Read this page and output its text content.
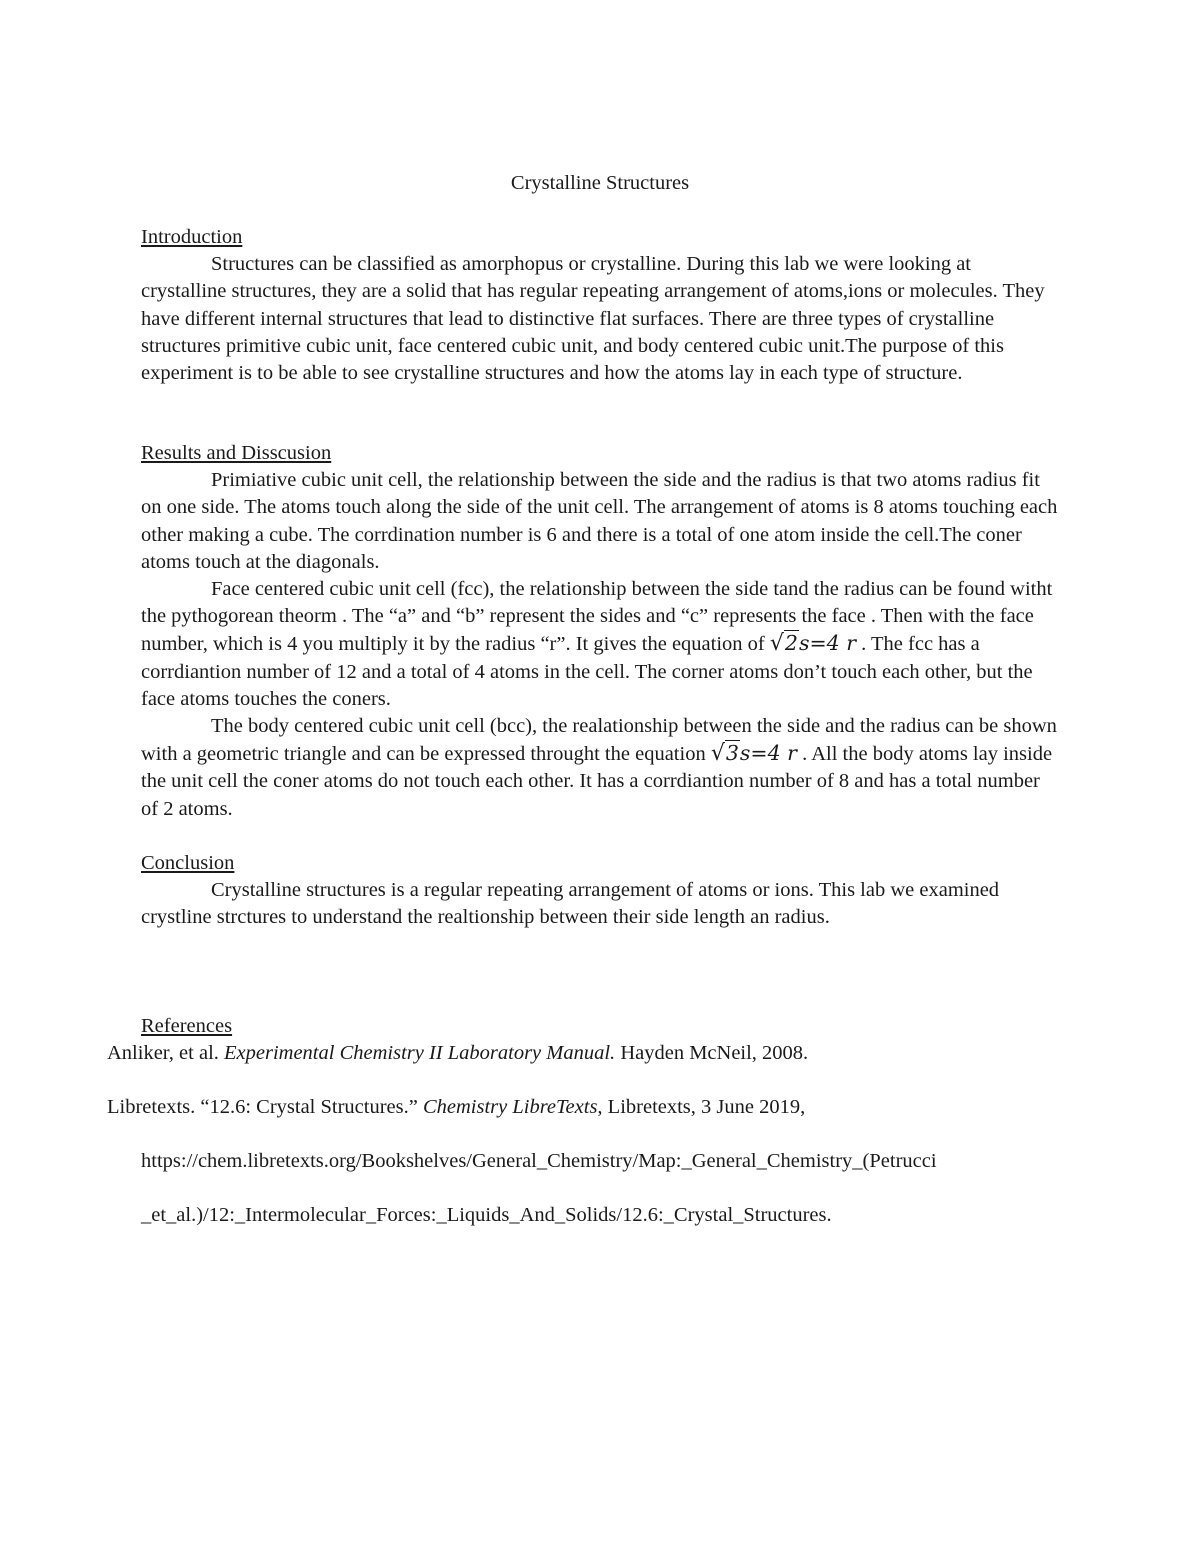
Crystalline Structures
Introduction

Structures can be classified as amorphopus or crystalline. During this lab we were looking at crystalline structures, they are a solid that has regular repeating arrangement of atoms,ions or molecules. They have different internal structures that lead to distinctive flat surfaces. There are three types of crystalline structures primitive cubic unit, face centered cubic unit, and body centered cubic unit.The purpose of this experiment is to be able to see crystalline structures and how the atoms lay in each type of structure.

Results and Disscusion

Primiative cubic unit cell, the relationship between the side and the radius is that two atoms radius fit on one side. The atoms touch along the side of the unit cell. The arrangement of atoms is 8 atoms touching each other making a cube. The corrdination number is 6 and there is a total of one atom inside the cell.The coner atoms touch at the diagonals.

Face centered cubic unit cell (fcc), the relationship between the side tand the radius can be found witht the pythogorean theorm . The “a” and “b” represent the sides and “c” represents the face . Then with the face number, which is 4 you multiply it by the radius “r”. It gives the equation of √2s=4 r . The fcc has a corrdiantion number of 12 and a total of 4 atoms in the cell. The corner atoms don’t touch each other, but the face atoms touches the coners.

The body centered cubic unit cell (bcc), the realationship between the side and the radius can be shown with a geometric triangle and can be expressed throught the equation √3s=4 r . All the body atoms lay inside the unit cell the coner atoms do not touch each other. It has a corrdiantion number of 8 and has a total number of 2 atoms.

Conclusion

Crystalline structures is a regular repeating arrangement of atoms or ions. This lab we examined crystline strctures to understand the realtionship between their side length an radius.

References
Anliker, et al. Experimental Chemistry II Laboratory Manual. Hayden McNeil, 2008.
Libretexts. “12.6: Crystal Structures.” Chemistry LibreTexts, Libretexts, 3 June 2019,
https://chem.libretexts.org/Bookshelves/General_Chemistry/Map:_General_Chemistry_(Petrucci
_et_al.)/12:_Intermolecular_Forces:_Liquids_And_Solids/12.6:_Crystal_Structures.
